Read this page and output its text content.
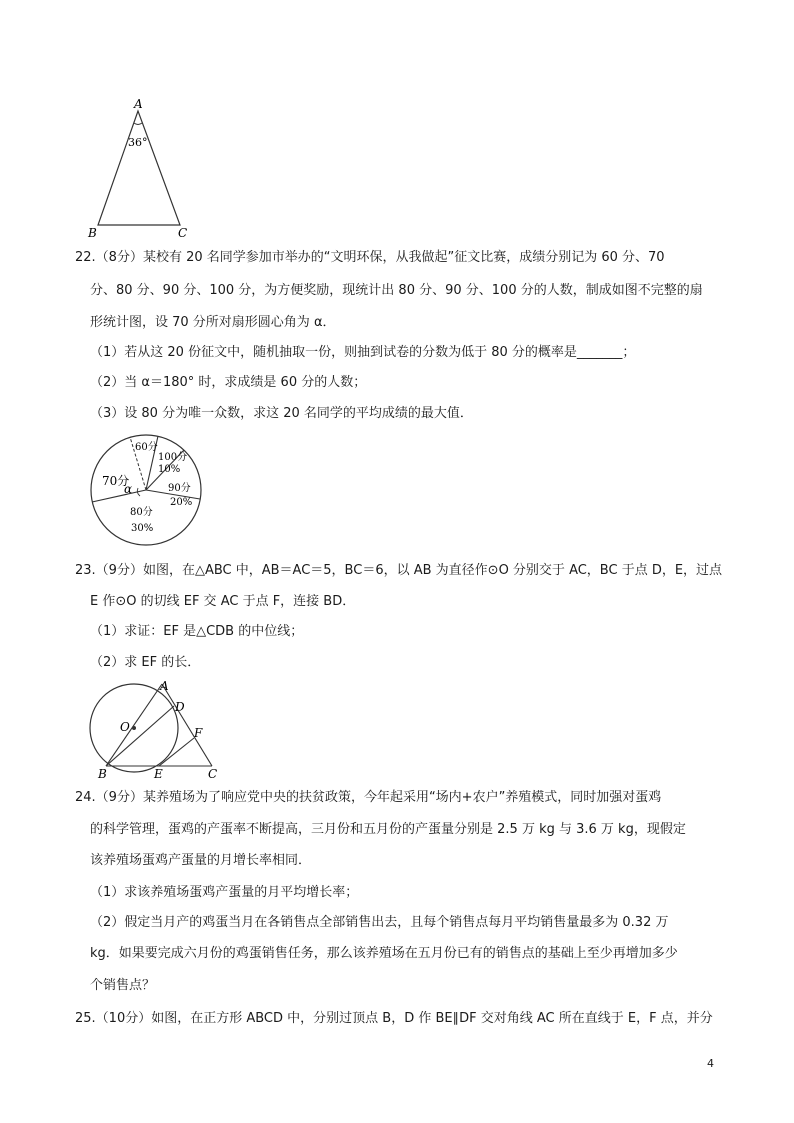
A
B	C
36°
22.（8分）某校有 20 名同学参加市举办的“文明环保，从我做起”征文比赛，成绩分别记为 60 分、70
分、80 分、90 分、100 分，为方便奖励，现统计出 80 分、90 分、100 分的人数，制成如图不完整的扇
形统计图，设 70 分所对扇形圆心角为 α．
（1）若从这 20 份征文中，随机抽取一份，则抽到试卷的分数为低于 80 分的概率是_______；
（2）当 α＝180° 时，求成绩是 60 分的人数；
（3）设 80 分为唯一众数，求这 20 名同学的平均成绩的最大值．
60分
100分
10%
70分
α	90分
20%
80分
30%
23.（9分）如图，在△ABC 中，AB＝AC＝5，BC＝6，以 AB 为直径作⊙O 分别交于 AC，BC 于点 D，E，过点
E 作⊙O 的切线 EF 交 AC 于点 F，连接 BD．
（1）求证：EF 是△CDB 的中位线；
（2）求 EF 的长．
A
D
O	F
B	E	C
24.（9分）某养殖场为了响应党中央的扶贫政策，今年起采用“场内+农户”养殖模式，同时加强对蛋鸡
的科学管理，蛋鸡的产蛋率不断提高，三月份和五月份的产蛋量分别是 2.5 万 kg 与 3.6 万 kg，现假定
该养殖场蛋鸡产蛋量的月增长率相同．
（1）求该养殖场蛋鸡产蛋量的月平均增长率；
（2）假定当月产的鸡蛋当月在各销售点全部销售出去，且每个销售点每月平均销售量最多为 0.32 万
kg．如果要完成六月份的鸡蛋销售任务，那么该养殖场在五月份已有的销售点的基础上至少再增加多少
个销售点？
25.（10分）如图，在正方形 ABCD 中，分别过顶点 B，D 作 BE∥DF 交对角线 AC 所在直线于 E，F 点，并分
4
